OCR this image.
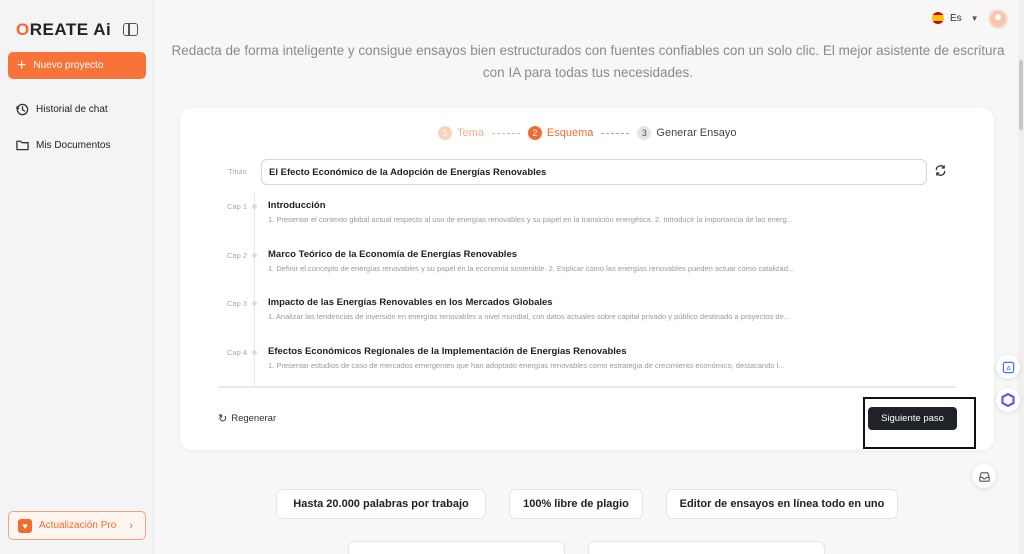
OREATE Ai
+ Nuevo proyecto
Historial de chat
Mis Documentos
♥	Actualización Pro ›
Es ▼
Redacta de forma inteligente y consigue ensayos bien estructurados con fuentes confiables con un solo clic. El mejor asistente de escritura con IA para todas tus necesidades.
1 Tema	2 Esquema	3 Generar Ensayo
Título	El Efecto Económico de la Adopción de Energías Renovables
Cap 1 Introducción
1. Presentar el contexto global actual respecto al uso de energías renovables y su papel en la transición energética. 2. Introducir la importancia de las energ...
Cap 2 Marco Teórico de la Economía de Energías Renovables
1. Definir el concepto de energías renovables y su papel en la economía sostenible. 2. Explicar cómo las energías renovables pueden actuar como catalizad...
Cap 3 Impacto de las Energías Renovables en los Mercados Globales
1. Analizar las tendencias de inversión en energías renovables a nivel mundial, con datos actuales sobre capital privado y público destinado a proyectos de...
Cap 4 Efectos Económicos Regionales de la Implementación de Energías Renovables
1. Presentar estudios de caso de mercados emergentes que han adoptado energías renovables como estrategia de crecimiento económico, destacando l...
↻ Regenerar	Siguiente paso
A
Hasta 20.000 palabras por trabajo	100% libre de plagio	Editor de ensayos en línea todo en uno
